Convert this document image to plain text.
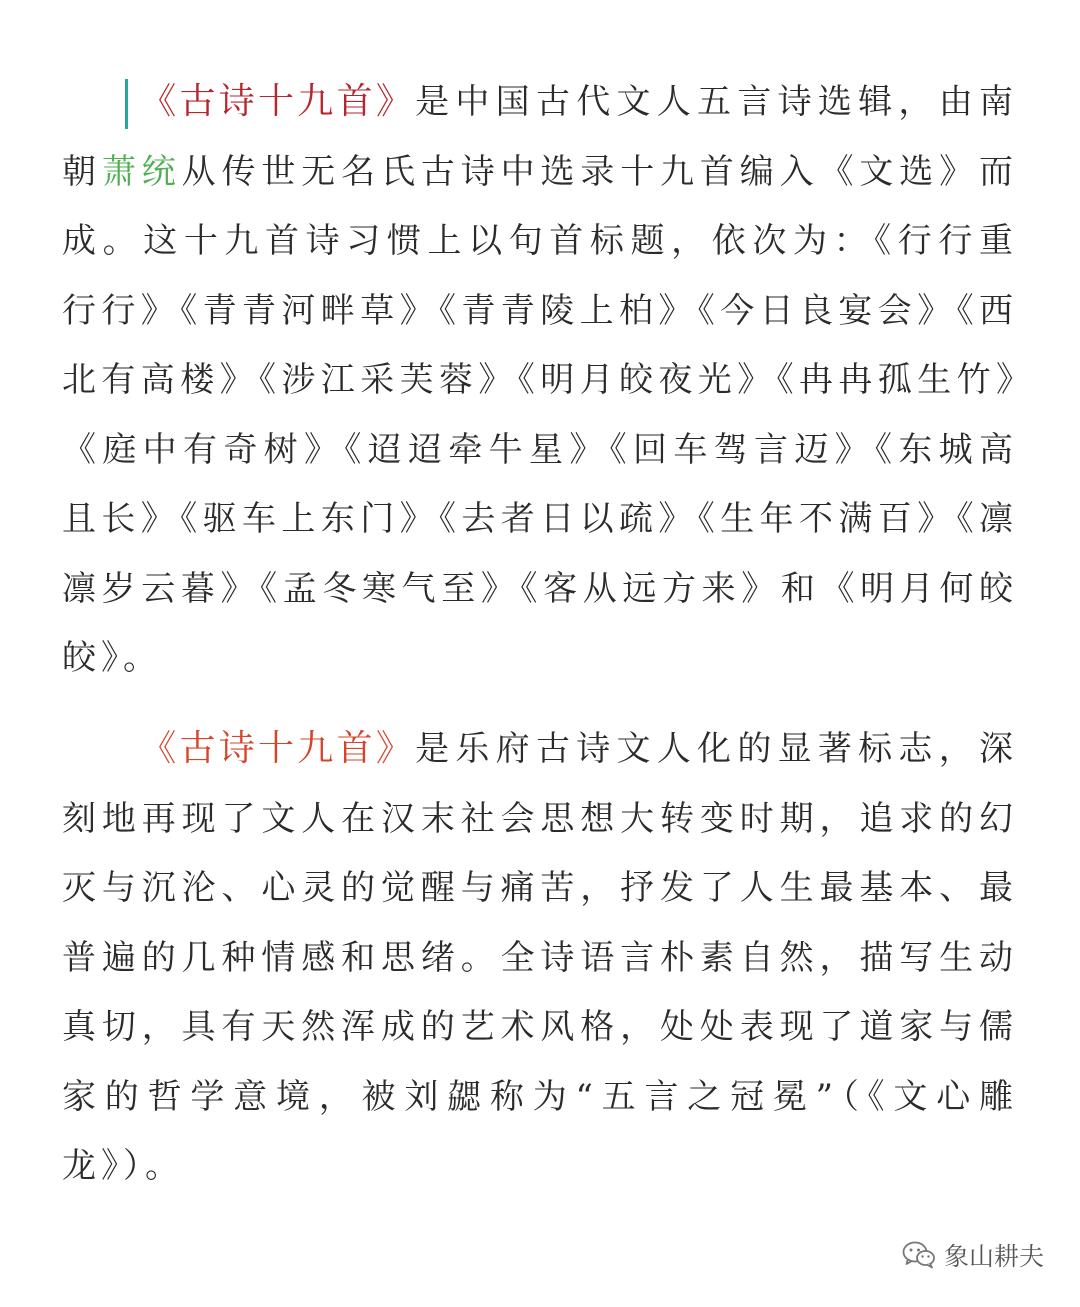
《古诗十九首》是中国古代文人五言诗选辑，由南朝萧统从传世无名氏古诗中选录十九首编入《文选》而成。这十九首诗习惯上以句首标题，依次为：《行行重行行》《青青河畔草》《青青陵上柏》《今日良宴会》《西北有高楼》《涉江采芙蓉》《明月皎夜光》《冉冉孤生竹》《庭中有奇树》《迢迢牵牛星》《回车驾言迈》《东城高且长》《驱车上东门》《去者日以疏》《生年不满百》《凛凛岁云暮》《孟冬寒气至》《客从远方来》和《明月何皎皎》。

《古诗十九首》是乐府古诗文人化的显著标志，深刻地再现了文人在汉末社会思想大转变时期，追求的幻灭与沉沦、心灵的觉醒与痛苦，抒发了人生最基本、最普遍的几种情感和思绪。全诗语言朴素自然，描写生动真切，具有天然浑成的艺术风格，处处表现了道家与儒家的哲学意境，被刘勰称为“五言之冠冕”（《文心雕龙》）。

象山耕夫
